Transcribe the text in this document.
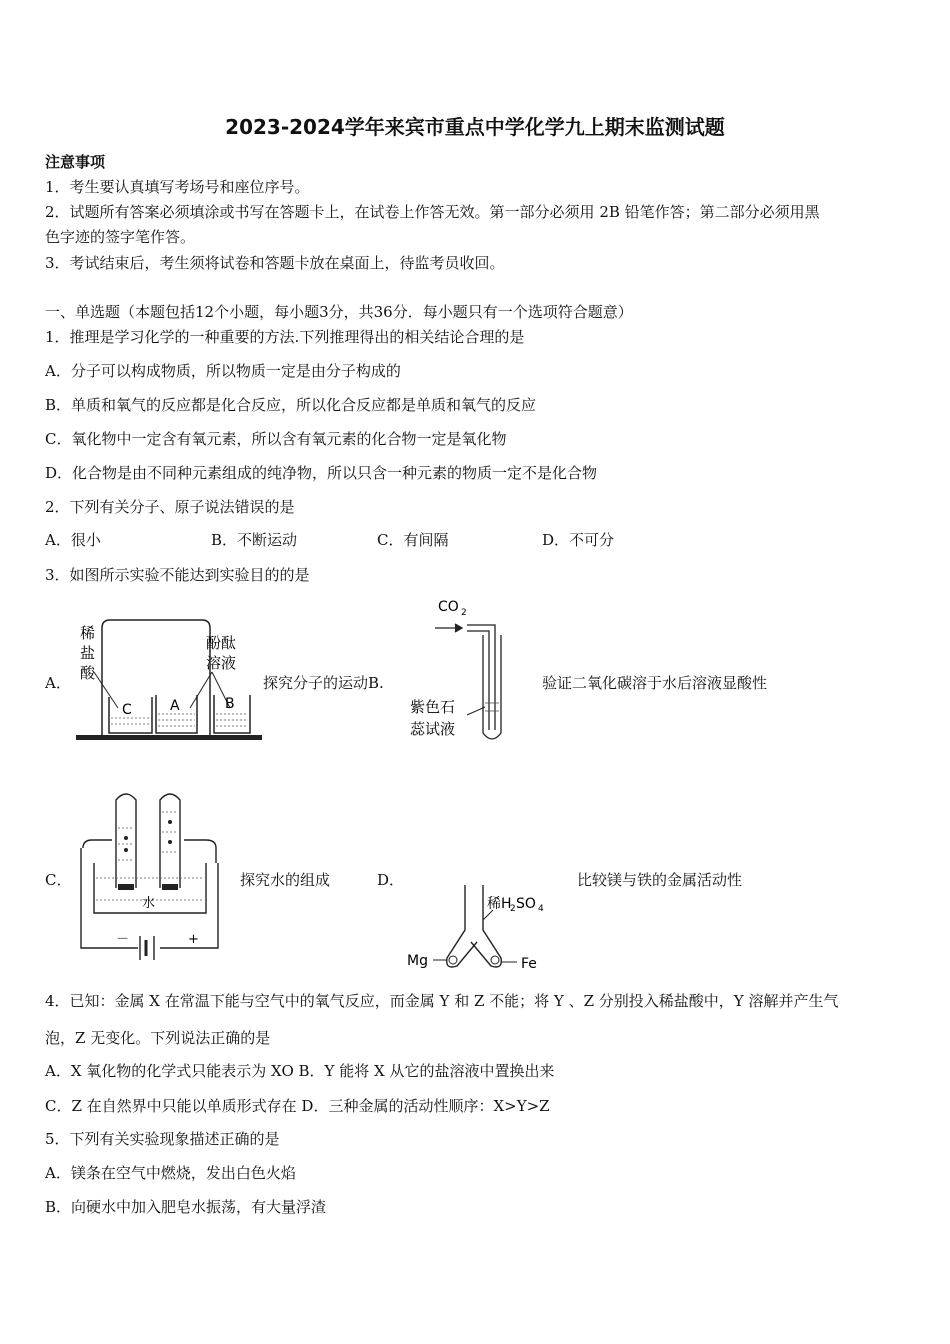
2023-2024学年来宾市重点中学化学九上期末监测试题
注意事项
1．考生要认真填写考场号和座位序号。
2．试题所有答案必须填涂或书写在答题卡上，在试卷上作答无效。第一部分必须用 2B 铅笔作答；第二部分必须用黑
色字迹的签字笔作答。
3．考试结束后，考生须将试卷和答题卡放在桌面上，待监考员收回。
一、单选题（本题包括12个小题，每小题3分，共36分．每小题只有一个选项符合题意）
1．推理是学习化学的一种重要的方法.下列推理得出的相关结论合理的是
A．分子可以构成物质，所以物质一定是由分子构成的
B．单质和氧气的反应都是化合反应，所以化合反应都是单质和氧气的反应
C．氧化物中一定含有氧元素，所以含有氧元素的化合物一定是氧化物
D．化合物是由不同种元素组成的纯净物，所以只含一种元素的物质一定不是化合物
2．下列有关分子、原子说法错误的是
A．很小	B．不断运动	C．有间隔	D．不可分
3．如图所示实验不能达到实验目的的是
A．
稀
盐
酸
酚酞
溶液
C	A	B
探究分子的运动B.
CO 2
紫色石
蕊试液
验证二氧化碳溶于水后溶液显酸性
C．
水
－	+
探究水的组成	D．
稀H
2 SO 4
Mg	Fe
比较镁与铁的金属活动性
4．已知：金属 X 在常温下能与空气中的氧气反应，而金属 Y 和 Z 不能；将 Y 、Z 分别投入稀盐酸中，Y 溶解并产生气
泡，Z 无变化。下列说法正确的是
A．X 氧化物的化学式只能表示为 XO B．Y 能将 X 从它的盐溶液中置换出来
C．Z 在自然界中只能以单质形式存在 D．三种金属的活动性顺序：X>Y>Z
5．下列有关实验现象描述正确的是
A．镁条在空气中燃烧，发出白色火焰
B．向硬水中加入肥皂水振荡，有大量浮渣
